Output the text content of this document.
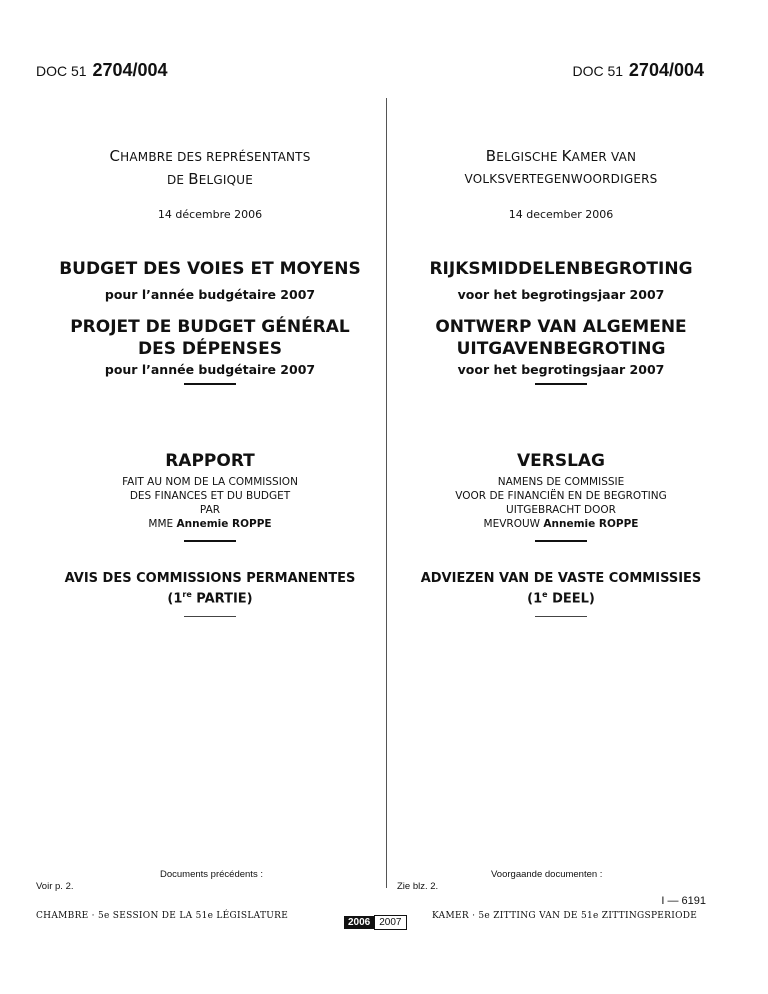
DOC 51 2704/004	DOC 51 2704/004
CHAMBRE DES REPRÉSENTANTS
DE BELGIQUE
14 décembre 2006
BUDGET DES VOIES ET MOYENS
pour l’année budgétaire 2007
PROJET DE BUDGET GÉNÉRAL
DES DÉPENSES
pour l’année budgétaire 2007
RAPPORT
FAIT AU NOM DE LA COMMISSION
DES FINANCES ET DU BUDGET
PAR
MME Annemie ROPPE
AVIS DES COMMISSIONS PERMANENTES
(1re PARTIE)
Documents précédents :
Voir p. 2.
BELGISCHE KAMER VAN
VOLKSVERTEGENWOORDIGERS
14 december 2006
RIJKSMIDDELENBEGROTING
voor het begrotingsjaar 2007
ONTWERP VAN ALGEMENE
UITGAVENBEGROTING
voor het begrotingsjaar 2007
VERSLAG
NAMENS DE COMMISSIE
VOOR DE FINANCIËN EN DE BEGROTING
UITGEBRACHT DOOR
MEVROUW Annemie ROPPE
ADVIEZEN VAN DE VASTE COMMISSIES
(1e DEEL)
Voorgaande documenten :
Zie blz. 2.
I — 6191
CHAMBRE · 5e SESSION DE LA 51e LÉGISLATURE
2006 2007
KAMER · 5e ZITTING VAN DE 51e ZITTINGSPERIODE
